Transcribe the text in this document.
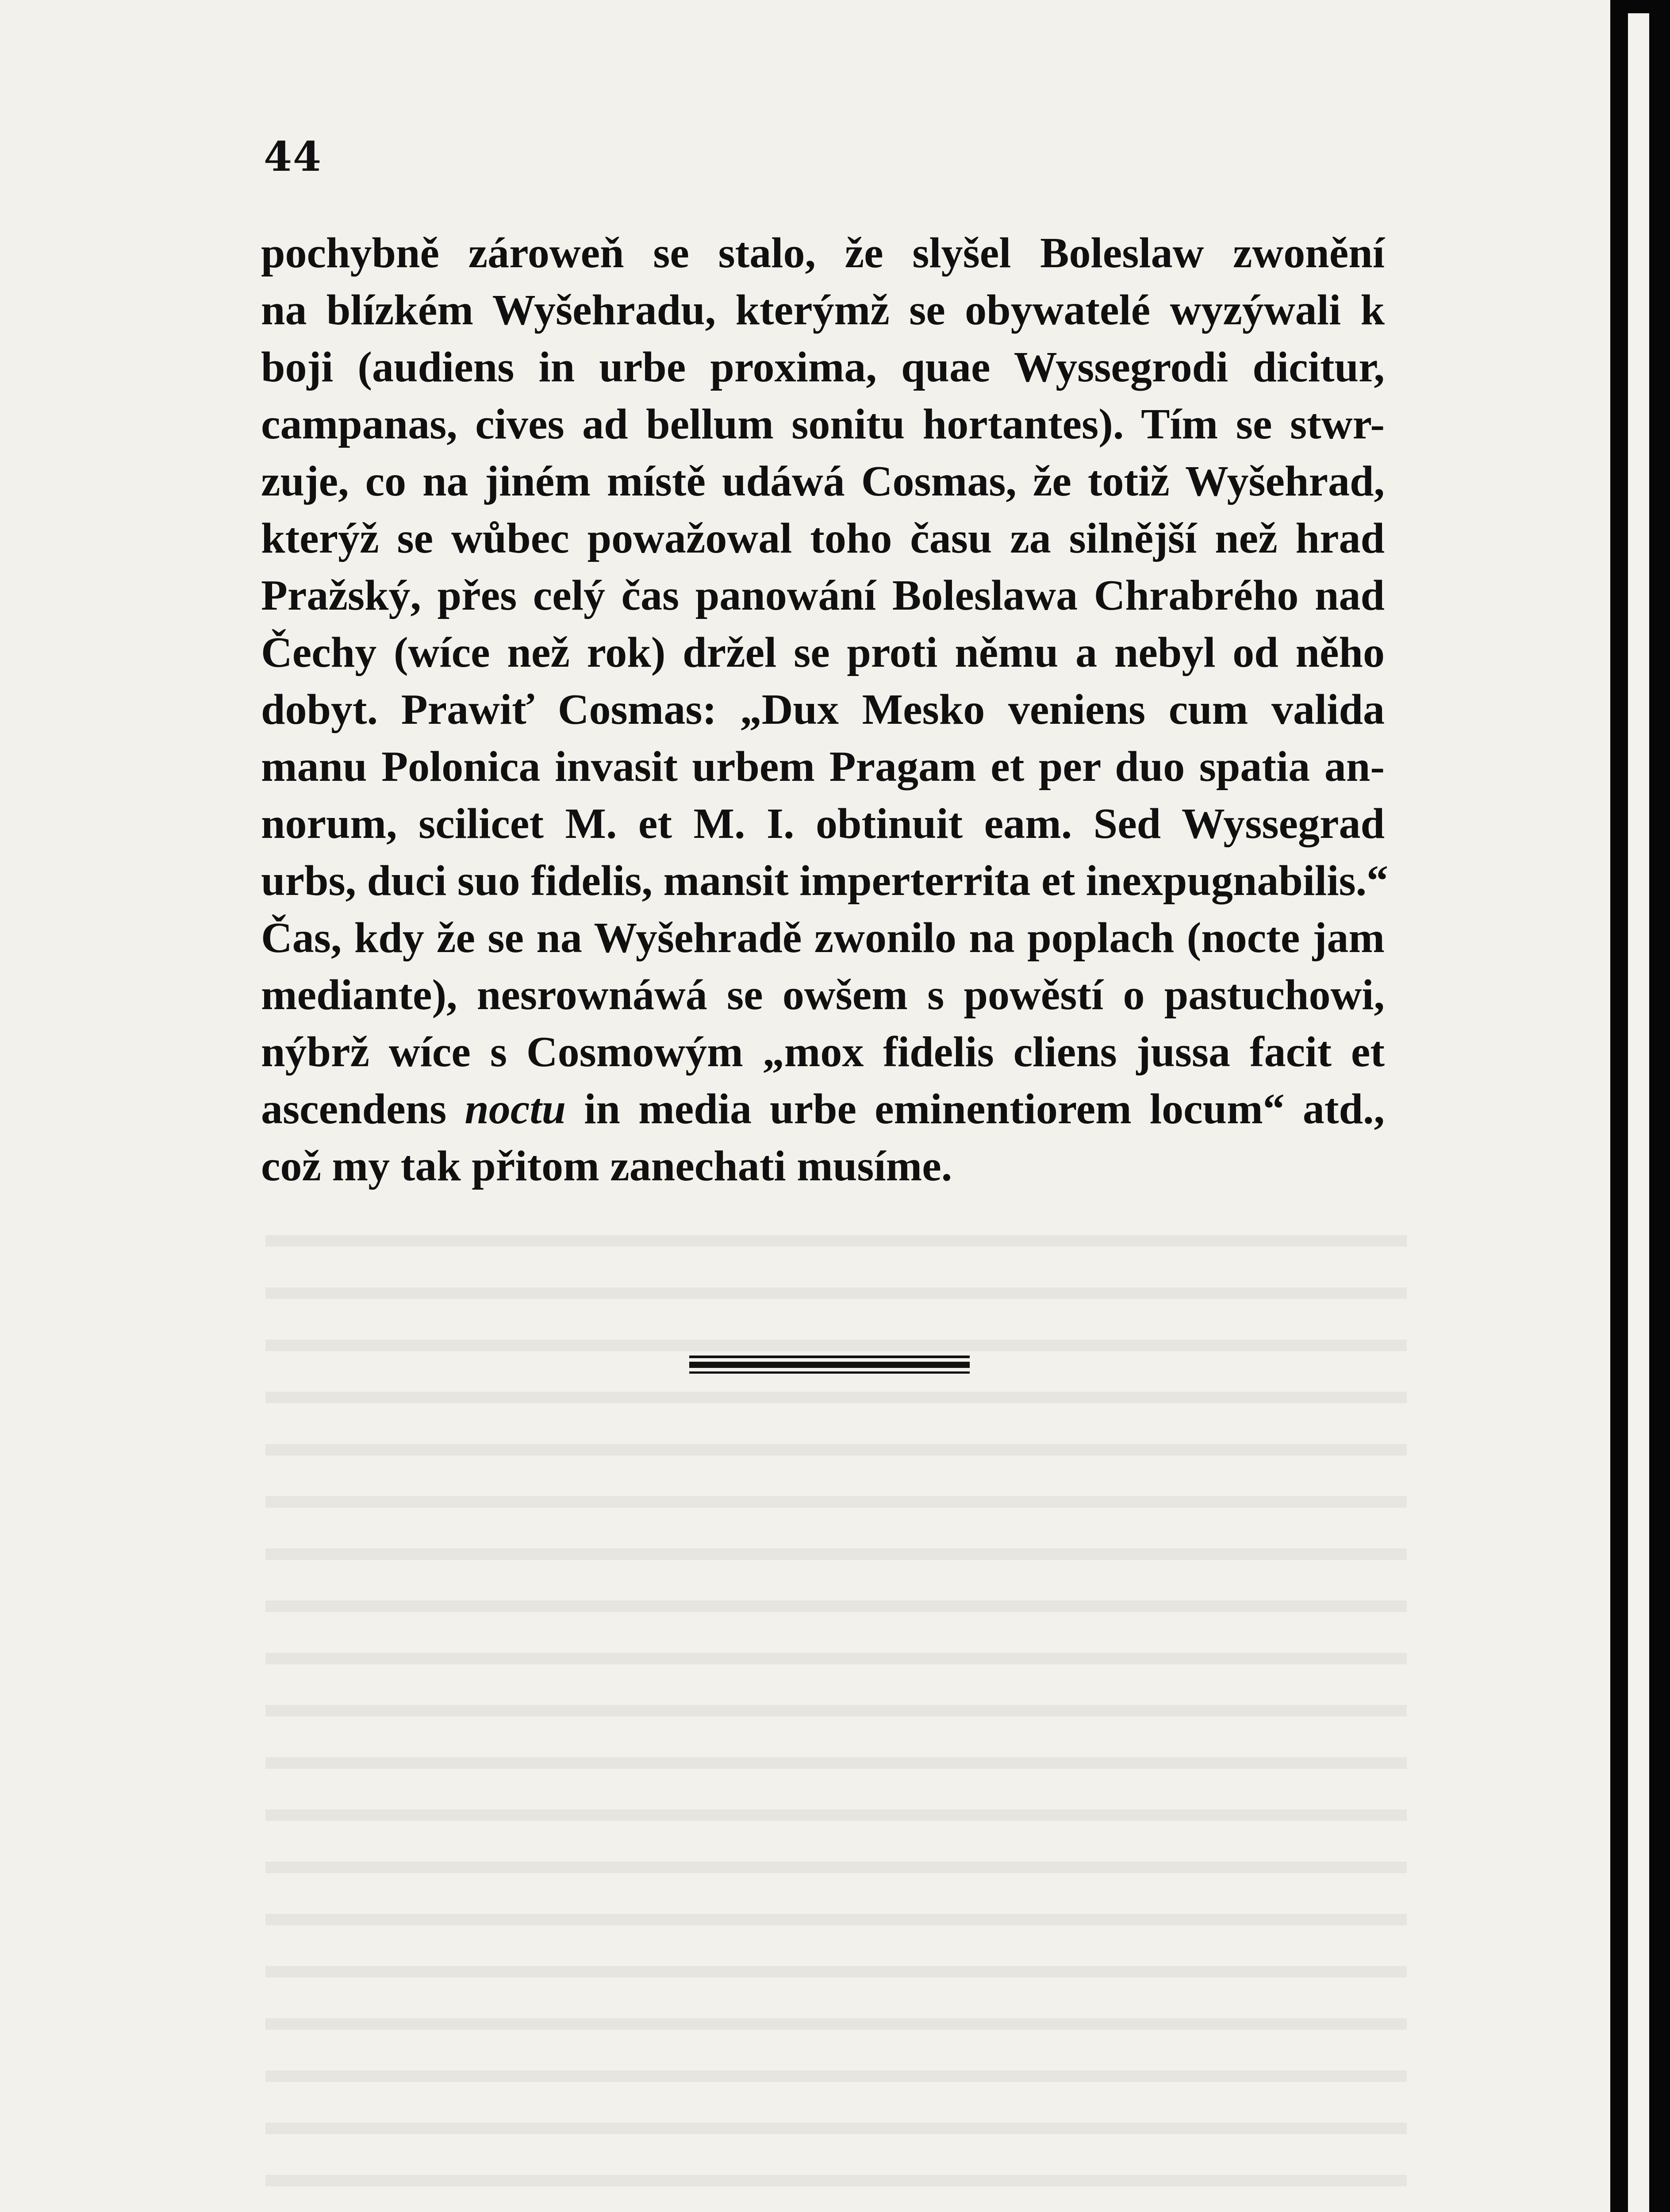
44
pochybně zároweň se stalo, že slyšel Boleslaw zwonění
na blízkém Wyšehradu, kterýmž se obywatelé wyzýwali k
boji (audiens in urbe proxima, quae Wyssegrodi dicitur,
campanas, cives ad bellum sonitu hortantes). Tím se stwr-
zuje, co na jiném místě udáwá Cosmas, že totiž Wyšehrad,
kterýž se wůbec powažowal toho času za silnější než hrad
Pražský, přes celý čas panowání Boleslawa Chrabrého nad
Čechy (wíce než rok) držel se proti němu a nebyl od něho
dobyt. Prawiť Cosmas: „Dux Mesko veniens cum valida
manu Polonica invasit urbem Pragam et per duo spatia an-
norum, scilicet M. et M. I. obtinuit eam. Sed Wyssegrad
urbs, duci suo fidelis, mansit imperterrita et inexpugnabilis.“
Čas, kdy že se na Wyšehradě zwonilo na poplach (nocte jam
mediante), nesrownáwá se owšem s powěstí o pastuchowi,
nýbrž wíce s Cosmowým „mox fidelis cliens jussa facit et
ascendens noctu in media urbe eminentiorem locum“ atd.,
což my tak přitom zanechati musíme.
